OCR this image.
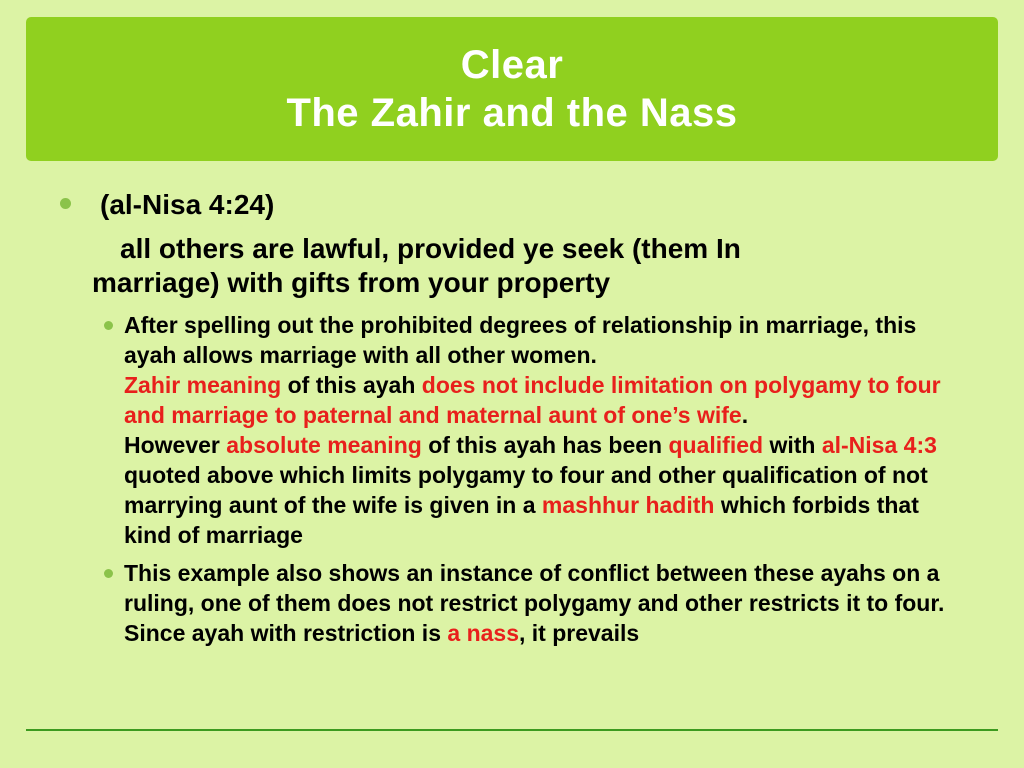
Clear
The Zahir and the Nass
(al-Nisa 4:24)
all others are lawful, provided ye seek (them In
marriage) with gifts from your property
After spelling out the prohibited degrees of relationship in marriage, this ayah allows marriage with all other women.
Zahir meaning of this ayah does not include limitation on polygamy to four and marriage to paternal and maternal aunt of one’s wife.
However absolute meaning of this ayah has been qualified with al-Nisa 4:3 quoted above which limits polygamy to four and other qualification of not marrying aunt of the wife is given in a mashhur hadith which forbids that kind of marriage
This example also shows an instance of conflict between these ayahs on a ruling, one of them does not restrict polygamy and other restricts it to four. Since ayah with restriction is a nass, it prevails
